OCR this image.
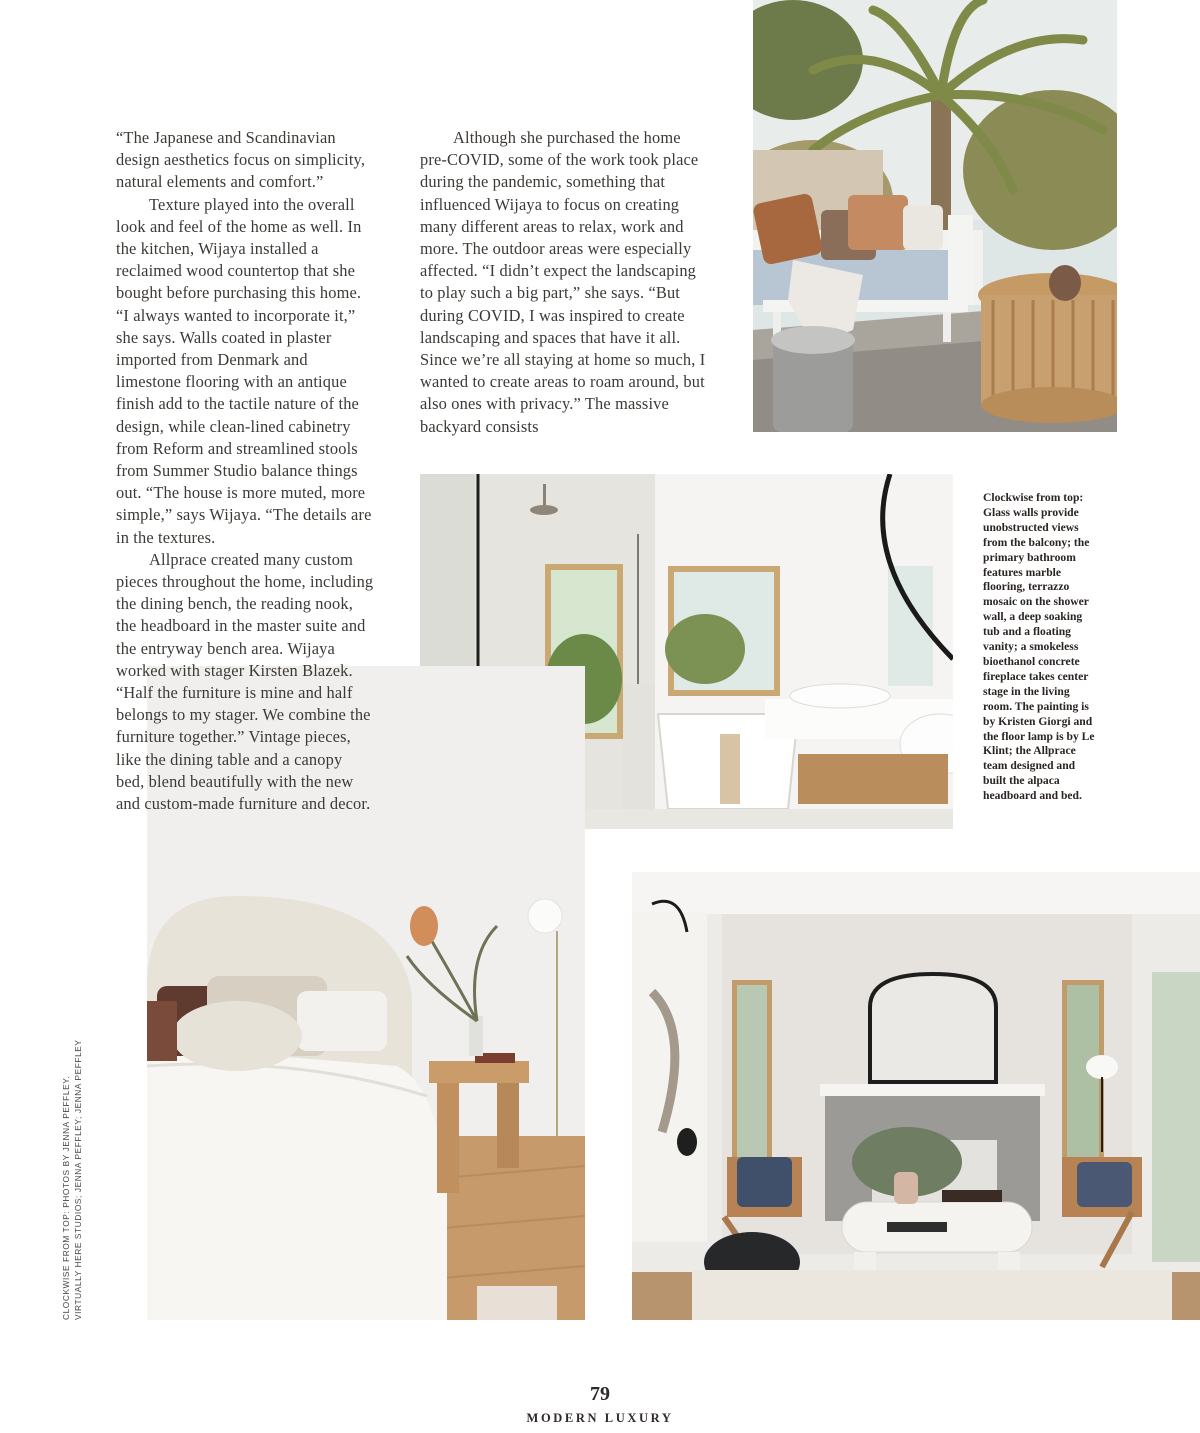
“The Japanese and Scandinavian design aesthetics focus on simplicity, natural elements and comfort.”

Texture played into the overall look and feel of the home as well. In the kitchen, Wijaya installed a reclaimed wood countertop that she bought before purchasing this home. “I always wanted to incorporate it,” she says. Walls coated in plaster imported from Denmark and limestone flooring with an antique finish add to the tactile nature of the design, while clean-lined cabinetry from Reform and streamlined stools from Summer Studio balance things out. “The house is more muted, more simple,” says Wijaya. “The details are in the textures.

Allprace created many custom pieces throughout the home, including the dining bench, the reading nook, the headboard in the master suite and the entryway bench area. Wijaya worked with stager Kirsten Blazek. “Half the furniture is mine and half belongs to my stager. We combine the furniture together.” Vintage pieces, like the dining table and a canopy bed, blend beautifully with the new and custom-made furniture and decor.

Although she purchased the home pre-COVID, some of the work took place during the pandemic, something that influenced Wijaya to focus on creating many different areas to relax, work and more. The outdoor areas were especially affected. “I didn’t expect the landscaping to play such a big part,” she says. “But during COVID, I was inspired to create landscaping and spaces that have it all. Since we’re all staying at home so much, I wanted to create areas to roam around, but also ones with privacy.” The massive backyard consists

Clockwise from top: Glass walls provide unobstructed views from the balcony; the primary bathroom features marble flooring, terrazzo mosaic on the shower wall, a deep soaking tub and a floating vanity; a smokeless bioethanol concrete fireplace takes center stage in the living room. The painting is by Kristen Giorgi and the floor lamp is by Le Klint; the Allprace team designed and built the alpaca headboard and bed.
CLOCKWISE FROM TOP: PHOTOS BY JENNA PEFFLEY. VIRTUALLY HERE STUDIOS; JENNA PEFFLEY; JENNA PEFFLEY
79
MODERN LUXURY
